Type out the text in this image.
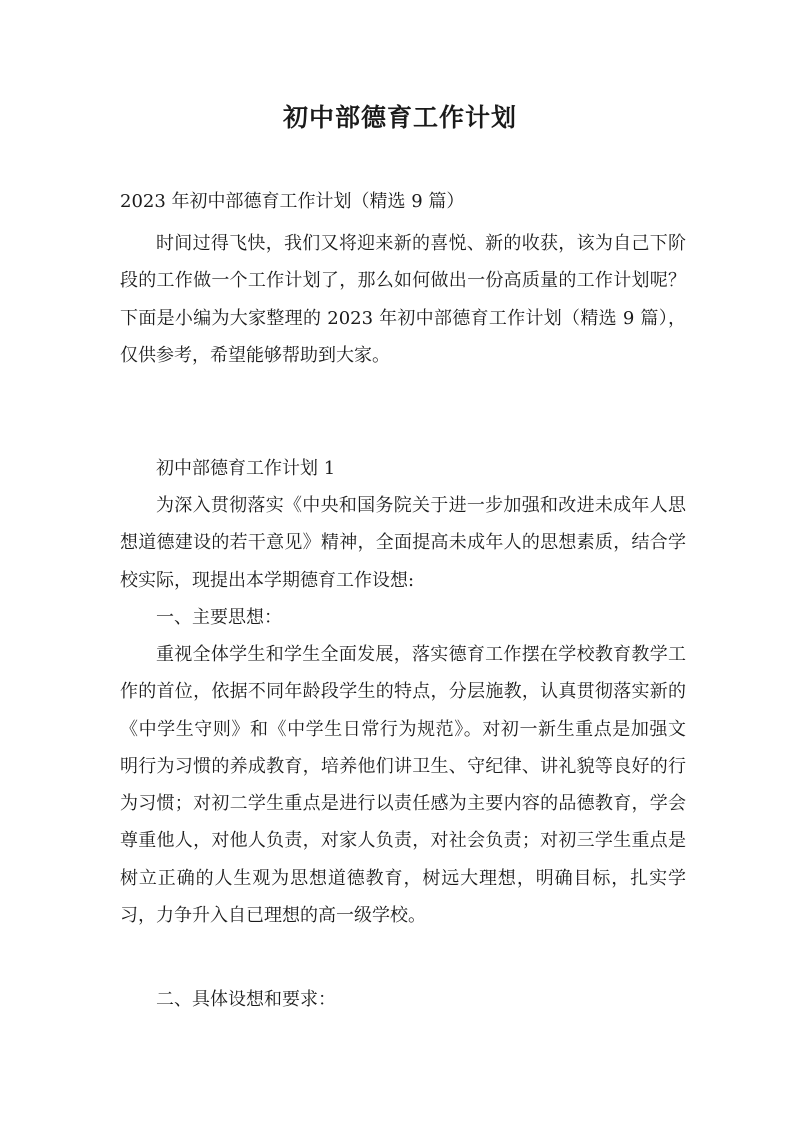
初中部德育工作计划
2023 年初中部德育工作计划（精选 9 篇）

时间过得飞快，我们又将迎来新的喜悦、新的收获，该为自己下阶段的工作做一个工作计划了，那么如何做出一份高质量的工作计划呢？下面是小编为大家整理的 2023 年初中部德育工作计划（精选 9 篇），仅供参考，希望能够帮助到大家。

初中部德育工作计划 1

为深入贯彻落实《中央和国务院关于进一步加强和改进未成年人思想道德建设的若干意见》精神，全面提高未成年人的思想素质，结合学校实际，现提出本学期德育工作设想:

一、主要思想：

重视全体学生和学生全面发展，落实德育工作摆在学校教育教学工作的首位，依据不同年龄段学生的特点，分层施教，认真贯彻落实新的《中学生守则》和《中学生日常行为规范》。对初一新生重点是加强文明行为习惯的养成教育，培养他们讲卫生、守纪律、讲礼貌等良好的行为习惯；对初二学生重点是进行以责任感为主要内容的品德教育，学会尊重他人，对他人负责，对家人负责，对社会负责；对初三学生重点是树立正确的人生观为思想道德教育，树远大理想，明确目标，扎实学习，力争升入自已理想的高一级学校。

二、具体设想和要求：
